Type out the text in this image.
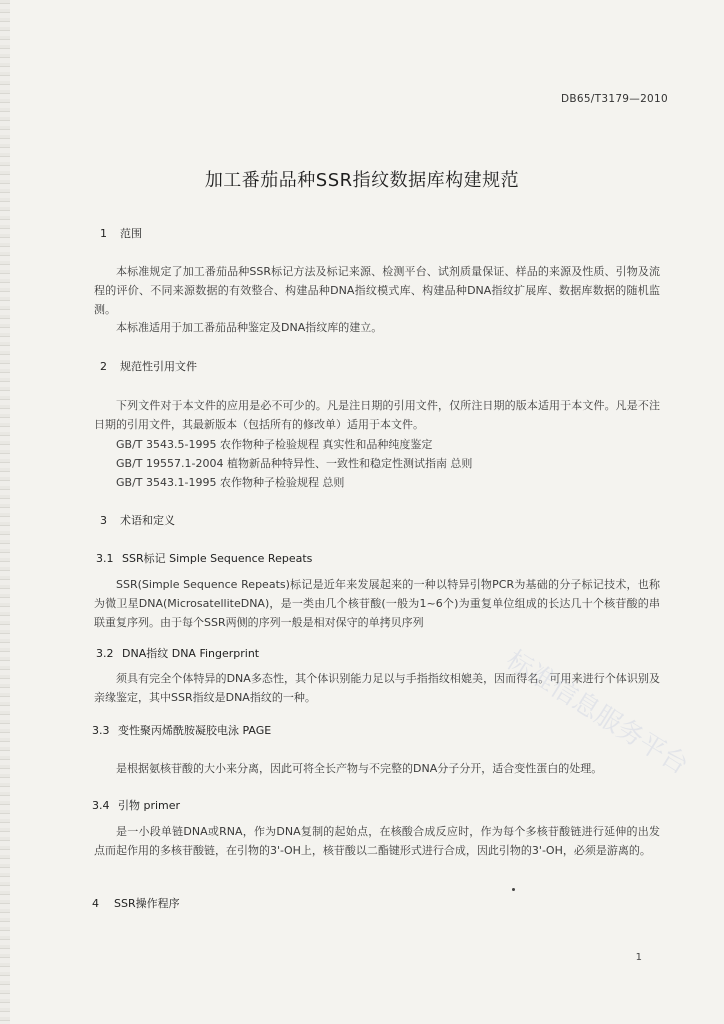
DB65/T3179—2010
加工番茄品种SSR指纹数据库构建规范
1 范围
本标准规定了加工番茄品种SSR标记方法及标记来源、检测平台、试剂质量保证、样品的来源及性质、引物及流程的评价、不同来源数据的有效整合、构建品种DNA指纹模式库、构建品种DNA指纹扩展库、数据库数据的随机监测。
本标准适用于加工番茄品种鉴定及DNA指纹库的建立。
2 规范性引用文件
下列文件对于本文件的应用是必不可少的。凡是注日期的引用文件，仅所注日期的版本适用于本文件。凡是不注日期的引用文件，其最新版本（包括所有的修改单）适用于本文件。
GB/T 3543.5-1995 农作物种子检验规程 真实性和品种纯度鉴定
GB/T 19557.1-2004 植物新品种特异性、一致性和稳定性测试指南 总则
GB/T 3543.1-1995 农作物种子检验规程 总则
3 术语和定义
3.1 SSR标记 Simple Sequence Repeats
SSR(Simple Sequence Repeats)标记是近年来发展起来的一种以特异引物PCR为基础的分子标记技术，也称为微卫星DNA(MicrosatelliteDNA)，是一类由几个核苷酸(一般为1~6个)为重复单位组成的长达几十个核苷酸的串联重复序列。由于每个SSR两侧的序列一般是相对保守的单拷贝序列
3.2 DNA指纹 DNA Fingerprint
须具有完全个体特异的DNA多态性，其个体识别能力足以与手指指纹相媲美，因而得名。可用来进行个体识别及亲缘鉴定，其中SSR指纹是DNA指纹的一种。
3.3 变性聚丙烯酰胺凝胶电泳 PAGE
是根据氨核苷酸的大小来分离，因此可将全长产物与不完整的DNA分子分开，适合变性蛋白的处理。
3.4 引物 primer
是一小段单链DNA或RNA，作为DNA复制的起始点，在核酸合成反应时，作为每个多核苷酸链进行延伸的出发点而起作用的多核苷酸链，在引物的3'-OH上，核苷酸以二酯键形式进行合成，因此引物的3'-OH，必须是游离的。
4 SSR操作程序
标准信息服务平台
1
